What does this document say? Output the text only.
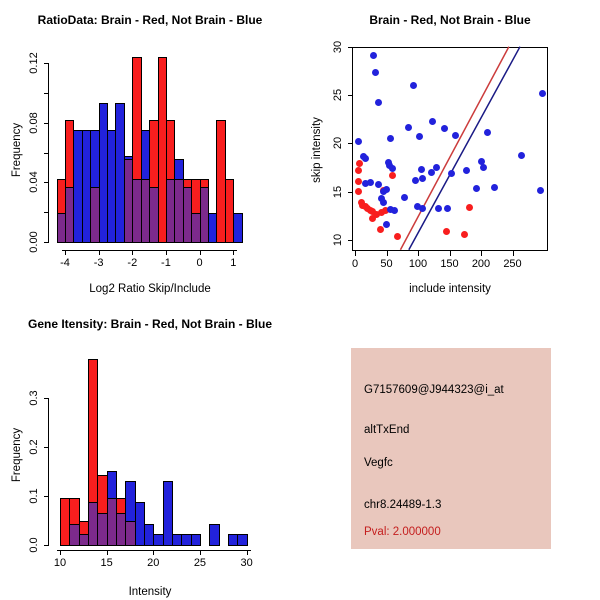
RatioData: Brain - Red, Not Brain - Blue
Frequency
Log2 Ratio Skip/Include
0.00
0.04
0.08
0.12
-4	-3	-2	-1	0	1
Brain - Red, Not Brain - Blue
skip intensity
include intensity
10
15
20
25
30
0	50	100	150	200	250
Gene Itensity: Brain - Red, Not Brain - Blue
Frequency
Intensity
0.0
0.1
0.2
0.3
10	15	20	25	30
G7157609@J944323@i_at
altTxEnd
Vegfc
chr8.24489-1.3
Pval: 2.000000
